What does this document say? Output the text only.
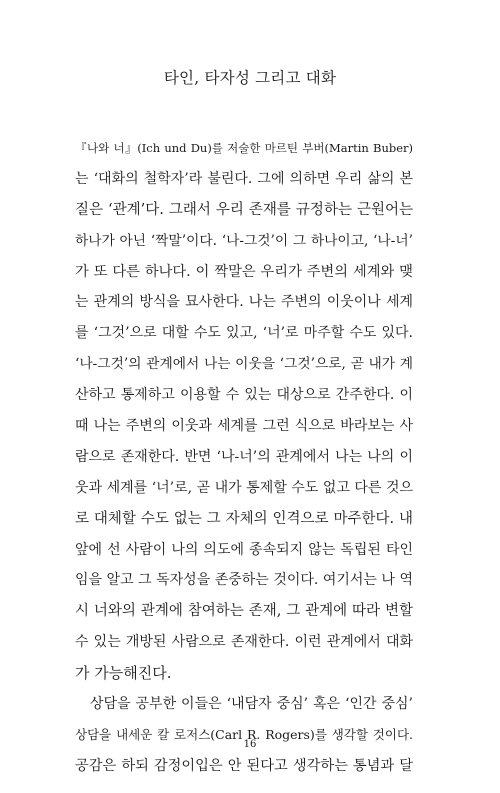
타인, 타자성 그리고 대화
『나와 너』(Ich und Du)를 저술한 마르틴 부버(Martin Buber)
는 ‘대화의 철학자’라 불린다. 그에 의하면 우리 삶의 본
질은 ‘관계’다. 그래서 우리 존재를 규정하는 근원어는
하나가 아닌 ‘짝말’이다. ‘나-그것’이 그 하나이고, ‘나-너’
가 또 다른 하나다. 이 짝말은 우리가 주변의 세계와 맺
는 관계의 방식을 묘사한다. 나는 주변의 이웃이나 세계
를 ‘그것’으로 대할 수도 있고, ‘너’로 마주할 수도 있다.
‘나-그것’의 관계에서 나는 이웃을 ‘그것’으로, 곧 내가 계
산하고 통제하고 이용할 수 있는 대상으로 간주한다. 이
때 나는 주변의 이웃과 세계를 그런 식으로 바라보는 사
람으로 존재한다. 반면 ‘나-너’의 관계에서 나는 나의 이
웃과 세계를 ‘너’로, 곧 내가 통제할 수도 없고 다른 것으
로 대체할 수도 없는 그 자체의 인격으로 마주한다. 내
앞에 선 사람이 나의 의도에 종속되지 않는 독립된 타인
임을 알고 그 독자성을 존중하는 것이다. 여기서는 나 역
시 너와의 관계에 참여하는 존재, 그 관계에 따라 변할
수 있는 개방된 사람으로 존재한다. 이런 관계에서 대화
가 가능해진다.
상담을 공부한 이들은 ‘내담자 중심’ 혹은 ‘인간 중심’
상담을 내세운 칼 로저스(Carl R. Rogers)를 생각할 것이다.
공감은 하되 감정이입은 안 된다고 생각하는 통념과 달
16
